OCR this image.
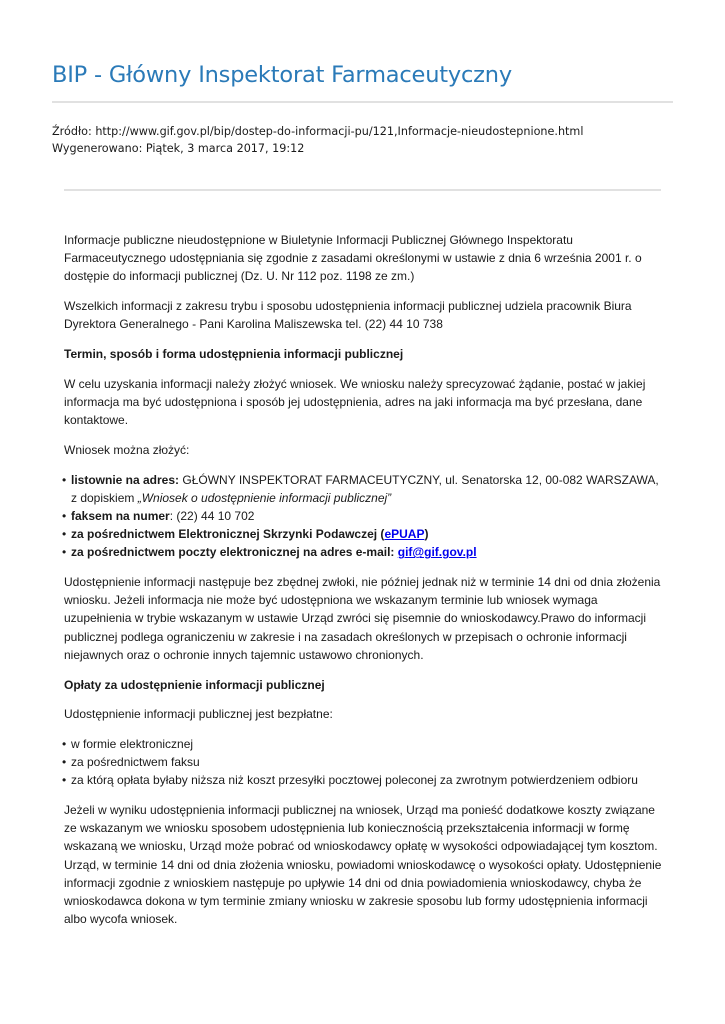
BIP - Główny Inspektorat Farmaceutyczny
Źródło: http://www.gif.gov.pl/bip/dostep-do-informacji-pu/121,Informacje-nieudostepnione.html
Wygenerowano: Piątek, 3 marca 2017, 19:12

Informacje publiczne nieudostępnione w Biuletynie Informacji Publicznej Głównego Inspektoratu Farmaceutycznego udostępniania się zgodnie z zasadami określonymi w ustawie z dnia 6 września 2001 r. o dostępie do informacji publicznej (Dz. U. Nr 112 poz. 1198 ze zm.)

Wszelkich informacji z zakresu trybu i sposobu udostępnienia informacji publicznej udziela pracownik Biura Dyrektora Generalnego - Pani Karolina Maliszewska tel. (22) 44 10 738

Termin, sposób i forma udostępnienia informacji publicznej

W celu uzyskania informacji należy złożyć wniosek. We wniosku należy sprecyzować żądanie, postać w jakiej informacja ma być udostępniona i sposób jej udostępnienia, adres na jaki informacja ma być przesłana, dane kontaktowe.

Wniosek można złożyć:

• listownie na adres: GŁÓWNY INSPEKTORAT FARMACEUTYCZNY, ul. Senatorska 12, 00-082 WARSZAWA, z dopiskiem „Wniosek o udostępnienie informacji publicznej”
• faksem na numer: (22) 44 10 702
• za pośrednictwem Elektronicznej Skrzynki Podawczej (ePUAP)
• za pośrednictwem poczty elektronicznej na adres e-mail: gif@gif.gov.pl

Udostępnienie informacji następuje bez zbędnej zwłoki, nie później jednak niż w terminie 14 dni od dnia złożenia wniosku. Jeżeli informacja nie może być udostępniona we wskazanym terminie lub wniosek wymaga uzupełnienia w trybie wskazanym w ustawie Urząd zwróci się pisemnie do wnioskodawcy.Prawo do informacji publicznej podlega ograniczeniu w zakresie i na zasadach określonych w przepisach o ochronie informacji niejawnych oraz o ochronie innych tajemnic ustawowo chronionych.

Opłaty za udostępnienie informacji publicznej

Udostępnienie informacji publicznej jest bezpłatne:

• w formie elektronicznej
• za pośrednictwem faksu
• za którą opłata byłaby niższa niż koszt przesyłki pocztowej poleconej za zwrotnym potwierdzeniem odbioru

Jeżeli w wyniku udostępnienia informacji publicznej na wniosek, Urząd ma ponieść dodatkowe koszty związane ze wskazanym we wniosku sposobem udostępnienia lub koniecznością przekształcenia informacji w formę wskazaną we wniosku, Urząd może pobrać od wnioskodawcy opłatę w wysokości odpowiadającej tym kosztom. Urząd, w terminie 14 dni od dnia złożenia wniosku, powiadomi wnioskodawcę o wysokości opłaty. Udostępnienie informacji zgodnie z wnioskiem następuje po upływie 14 dni od dnia powiadomienia wnioskodawcy, chyba że wnioskodawca dokona w tym terminie zmiany wniosku w zakresie sposobu lub formy udostępnienia informacji albo wycofa wniosek.
